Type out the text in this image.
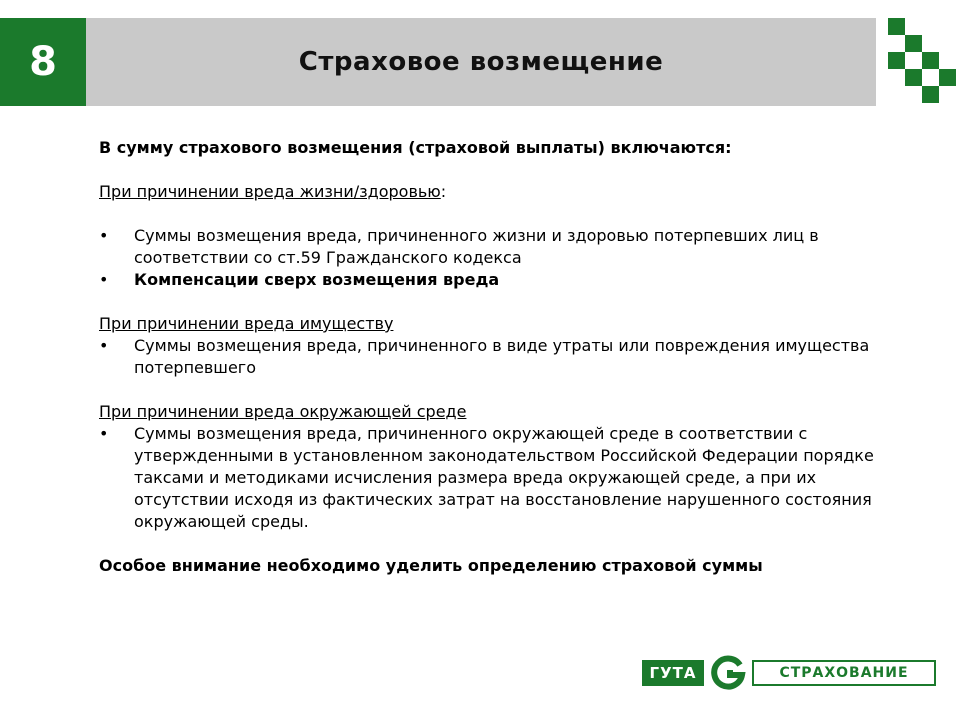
8	Страховое возмещение

В сумму страхового возмещения (страховой выплаты) включаются:

При причинении вреда жизни/здоровью:

• Суммы возмещения вреда, причиненного жизни и здоровью потерпевших лиц в соответствии со ст.59 Гражданского кодекса
• Компенсации сверх возмещения вреда

При причинении вреда имуществу

• Суммы возмещения вреда, причиненного в виде утраты или повреждения имущества потерпевшего

При причинении вреда окружающей среде

• Суммы возмещения вреда, причиненного окружающей среде в соответствии с утвержденными в установленном законодательством Российской Федерации порядке таксами и методиками исчисления размера вреда окружающей среде, а при их отсутствии исходя из фактических затрат на восстановление нарушенного состояния окружающей среды.

Особое внимание необходимо уделить определению страховой суммы

ГУТА	СТРАХОВАНИЕ
